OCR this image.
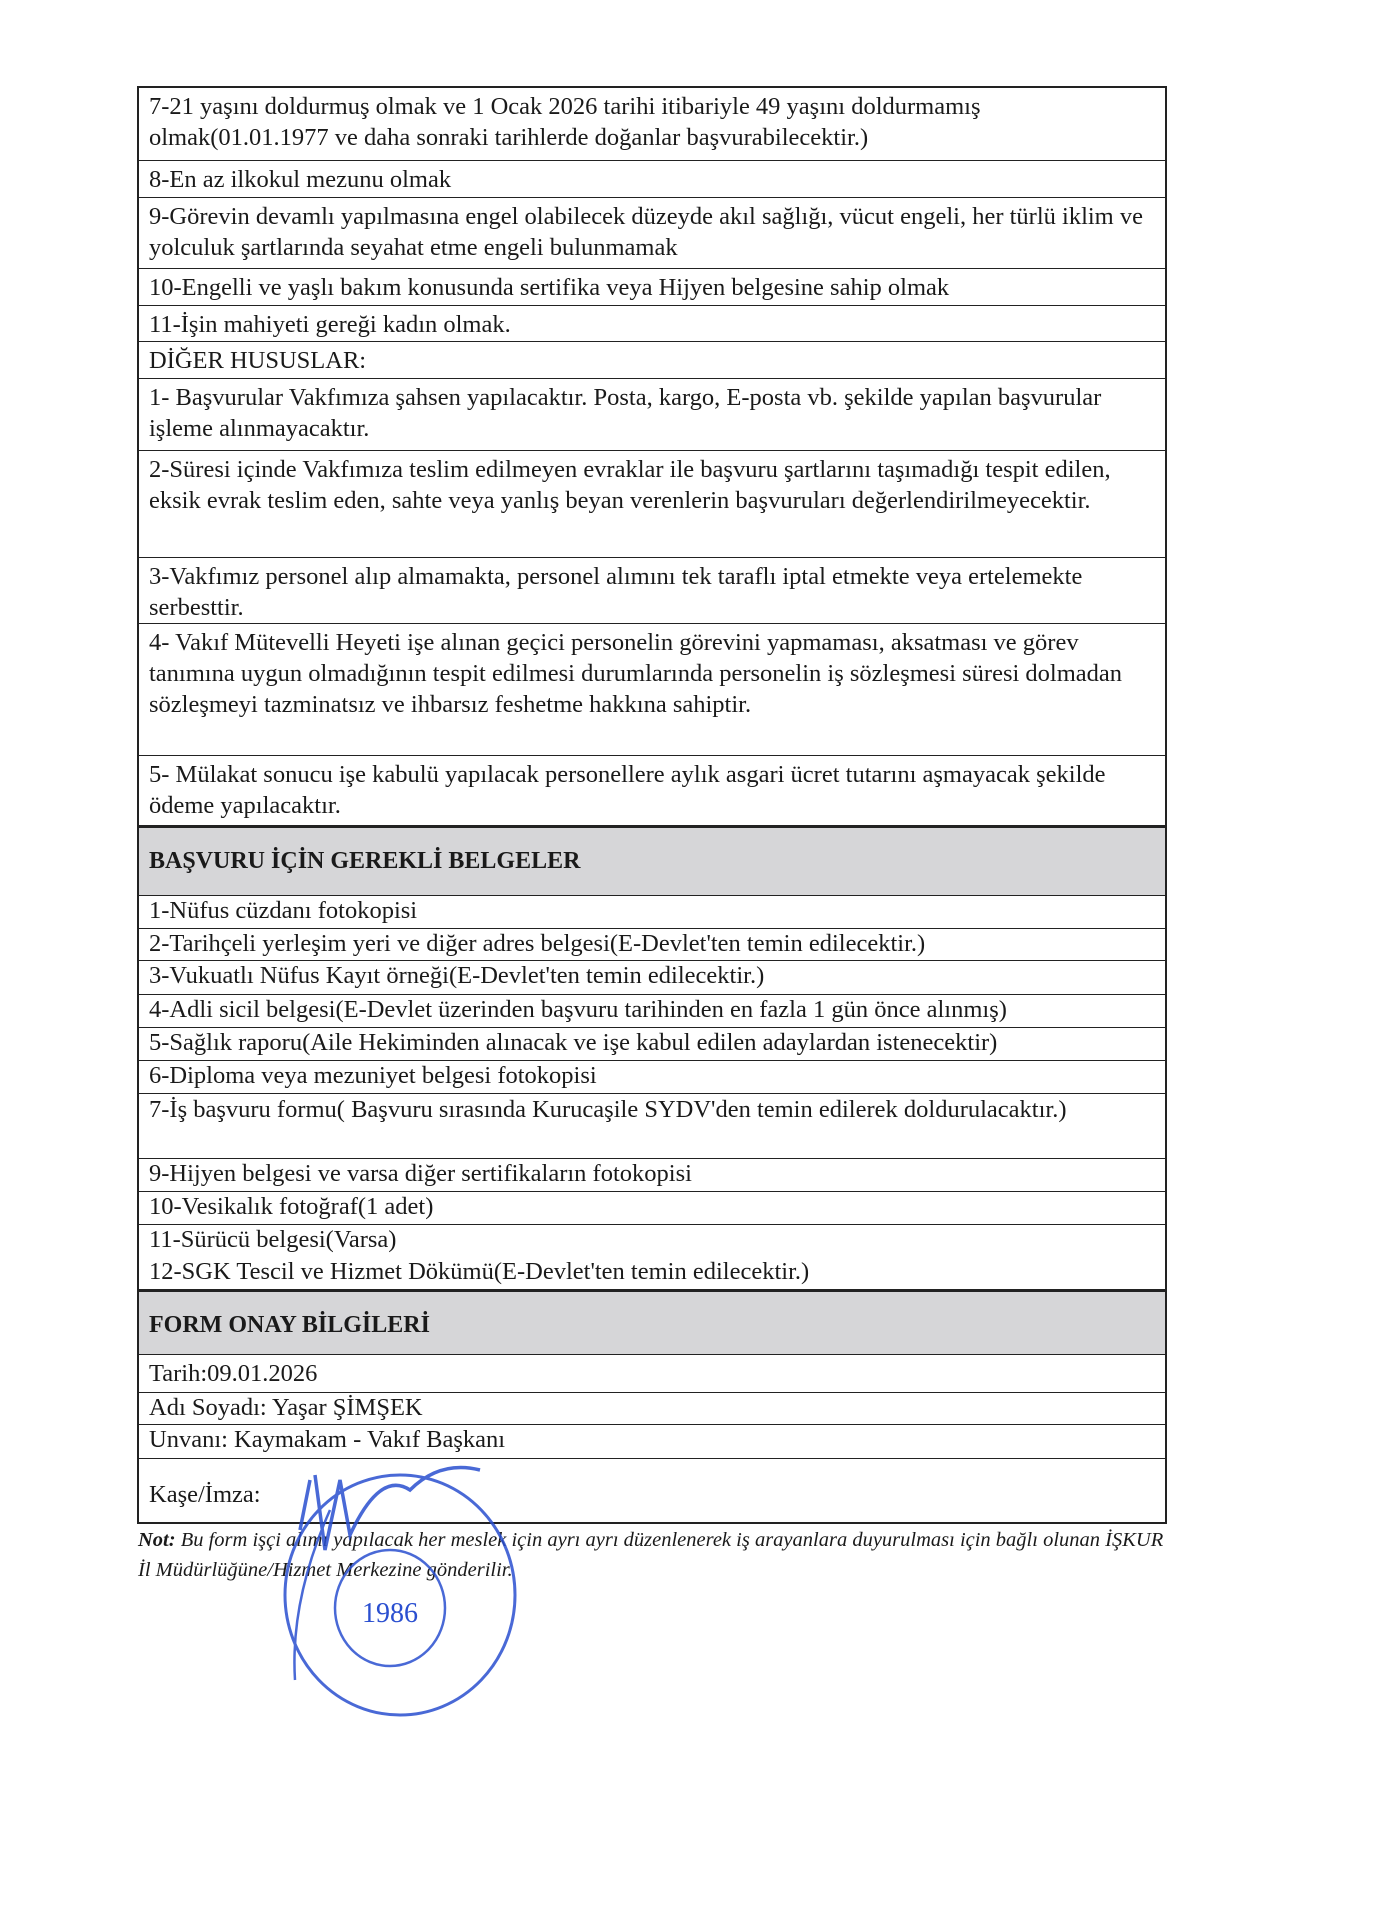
7-21 yaşını doldurmuş olmak ve 1 Ocak 2026 tarihi itibariyle 49 yaşını doldurmamış olmak(01.01.1977 ve daha sonraki tarihlerde doğanlar başvurabilecektir.)
8-En az ilkokul mezunu olmak
9-Görevin devamlı yapılmasına engel olabilecek düzeyde akıl sağlığı, vücut engeli, her türlü iklim ve yolculuk şartlarında seyahat etme engeli bulunmamak
10-Engelli ve yaşlı bakım konusunda sertifika veya Hijyen belgesine sahip olmak
11-İşin mahiyeti gereği kadın olmak.
DİĞER HUSUSLAR:
1- Başvurular Vakfımıza şahsen yapılacaktır. Posta, kargo, E-posta vb. şekilde yapılan başvurular işleme alınmayacaktır.
2-Süresi içinde Vakfımıza teslim edilmeyen evraklar ile başvuru şartlarını taşımadığı tespit edilen, eksik evrak teslim eden, sahte veya yanlış beyan verenlerin başvuruları değerlendirilmeyecektir.
3-Vakfımız personel alıp almamakta, personel alımını tek taraflı iptal etmekte veya ertelemekte serbesttir.
4- Vakıf Mütevelli Heyeti işe alınan geçici personelin görevini yapmaması, aksatması ve görev tanımına uygun olmadığının tespit edilmesi durumlarında personelin iş sözleşmesi süresi dolmadan sözleşmeyi tazminatsız ve ihbarsız feshetme hakkına sahiptir.
5- Mülakat sonucu işe kabulü yapılacak personellere aylık asgari ücret tutarını aşmayacak şekilde ödeme yapılacaktır.
BAŞVURU İÇİN GEREKLİ BELGELER
1-Nüfus cüzdanı fotokopisi
2-Tarihçeli yerleşim yeri ve diğer adres belgesi(E-Devlet'ten temin edilecektir.)
3-Vukuatlı Nüfus Kayıt örneği(E-Devlet'ten temin edilecektir.)
4-Adli sicil belgesi(E-Devlet üzerinden başvuru tarihinden en fazla 1 gün önce alınmış)
5-Sağlık raporu(Aile Hekiminden alınacak ve işe kabul edilen adaylardan istenecektir)
6-Diploma veya mezuniyet belgesi fotokopisi
7-İş başvuru formu( Başvuru sırasında Kurucaşile SYDV'den temin edilerek doldurulacaktır.)
9-Hijyen belgesi ve varsa diğer sertifikaların fotokopisi
10-Vesikalık fotoğraf(1 adet)
11-Sürücü belgesi(Varsa)
12-SGK Tescil ve Hizmet Dökümü(E-Devlet'ten temin edilecektir.)
FORM ONAY BİLGİLERİ
Tarih:09.01.2026
Adı Soyadı: Yaşar ŞİMŞEK
Unvanı: Kaymakam - Vakıf Başkanı
Kaşe/İmza:
Not: Bu form işçi alımı yapılacak her meslek için ayrı ayrı düzenlenerek iş arayanlara duyurulması için bağlı olunan İŞKUR İl Müdürlüğüne/Hizmet Merkezine gönderilir.
1986
